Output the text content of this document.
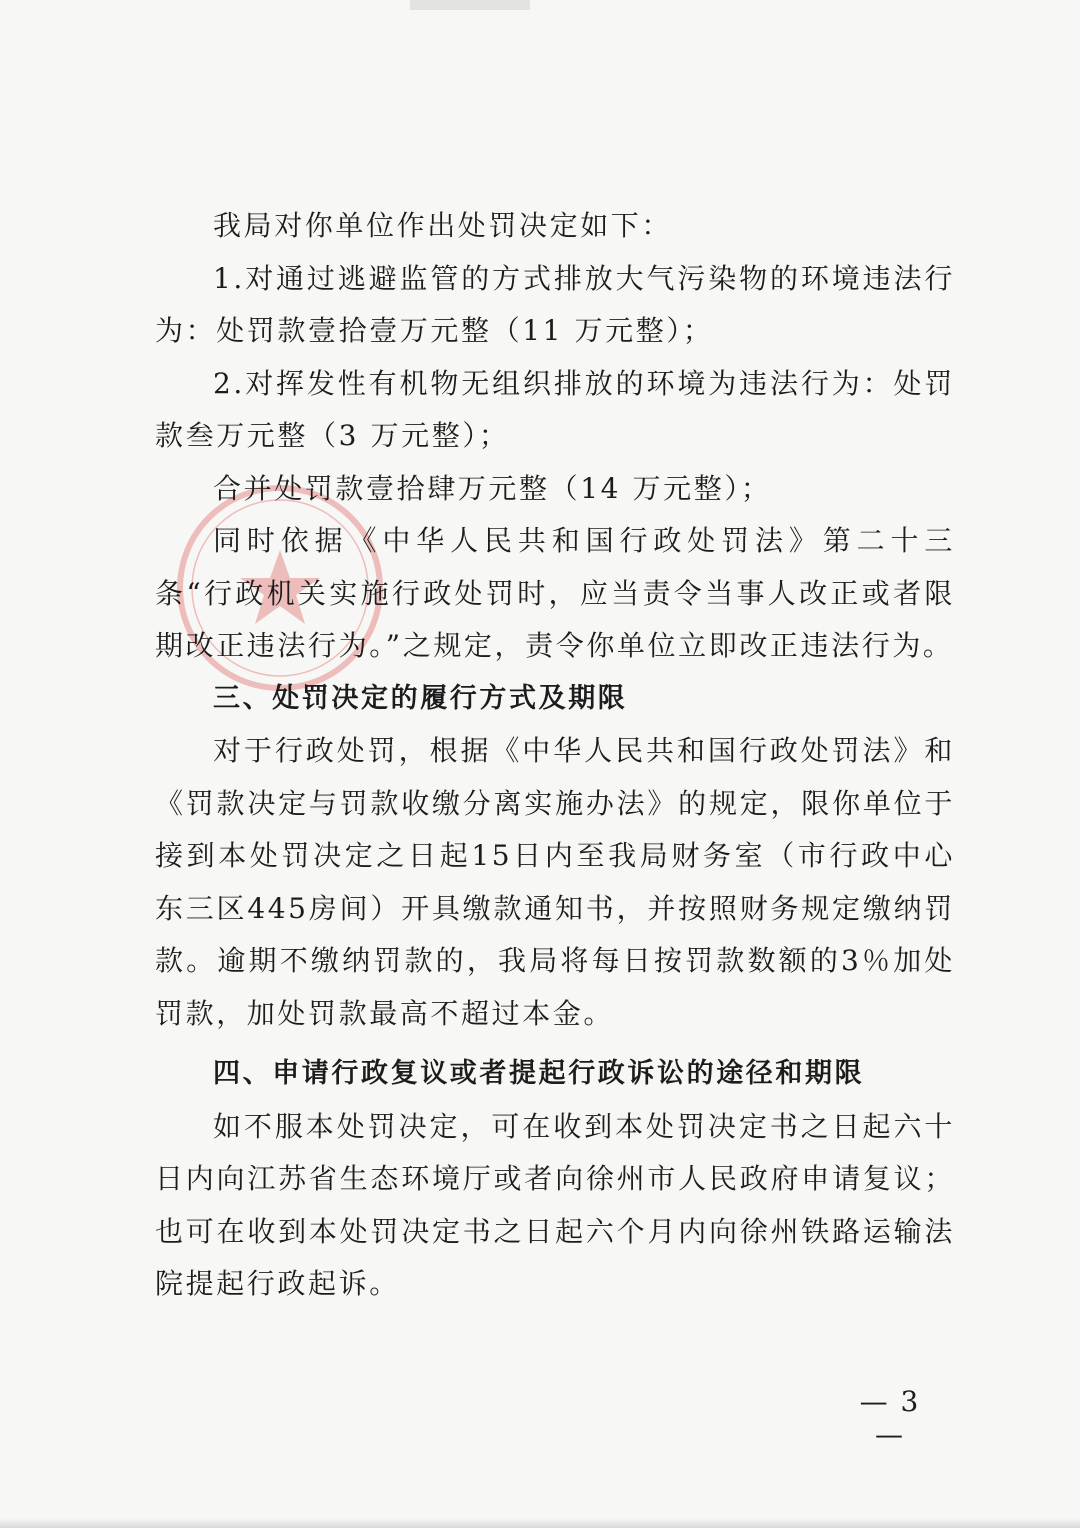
我局对你单位作出处罚决定如下：

1.对通过逃避监管的方式排放大气污染物的环境违法行为：处罚款壹拾壹万元整（11 万元整）；

2.对挥发性有机物无组织排放的环境为违法行为：处罚款叁万元整（3 万元整）；

合并处罚款壹拾肆万元整（14 万元整）；

同时依据《中华人民共和国行政处罚法》第二十三条“行政机关实施行政处罚时，应当责令当事人改正或者限期改正违法行为。”之规定，责令你单位立即改正违法行为。

三、处罚决定的履行方式及期限

对于行政处罚，根据《中华人民共和国行政处罚法》和《罚款决定与罚款收缴分离实施办法》的规定，限你单位于接到本处罚决定之日起15日内至我局财务室（市行政中心东三区445房间）开具缴款通知书，并按照财务规定缴纳罚款。逾期不缴纳罚款的，我局将每日按罚款数额的3％加处罚款，加处罚款最高不超过本金。

四、申请行政复议或者提起行政诉讼的途径和期限

如不服本处罚决定，可在收到本处罚决定书之日起六十日内向江苏省生态环境厅或者向徐州市人民政府申请复议；也可在收到本处罚决定书之日起六个月内向徐州铁路运输法院提起行政起诉。

— 3 —
